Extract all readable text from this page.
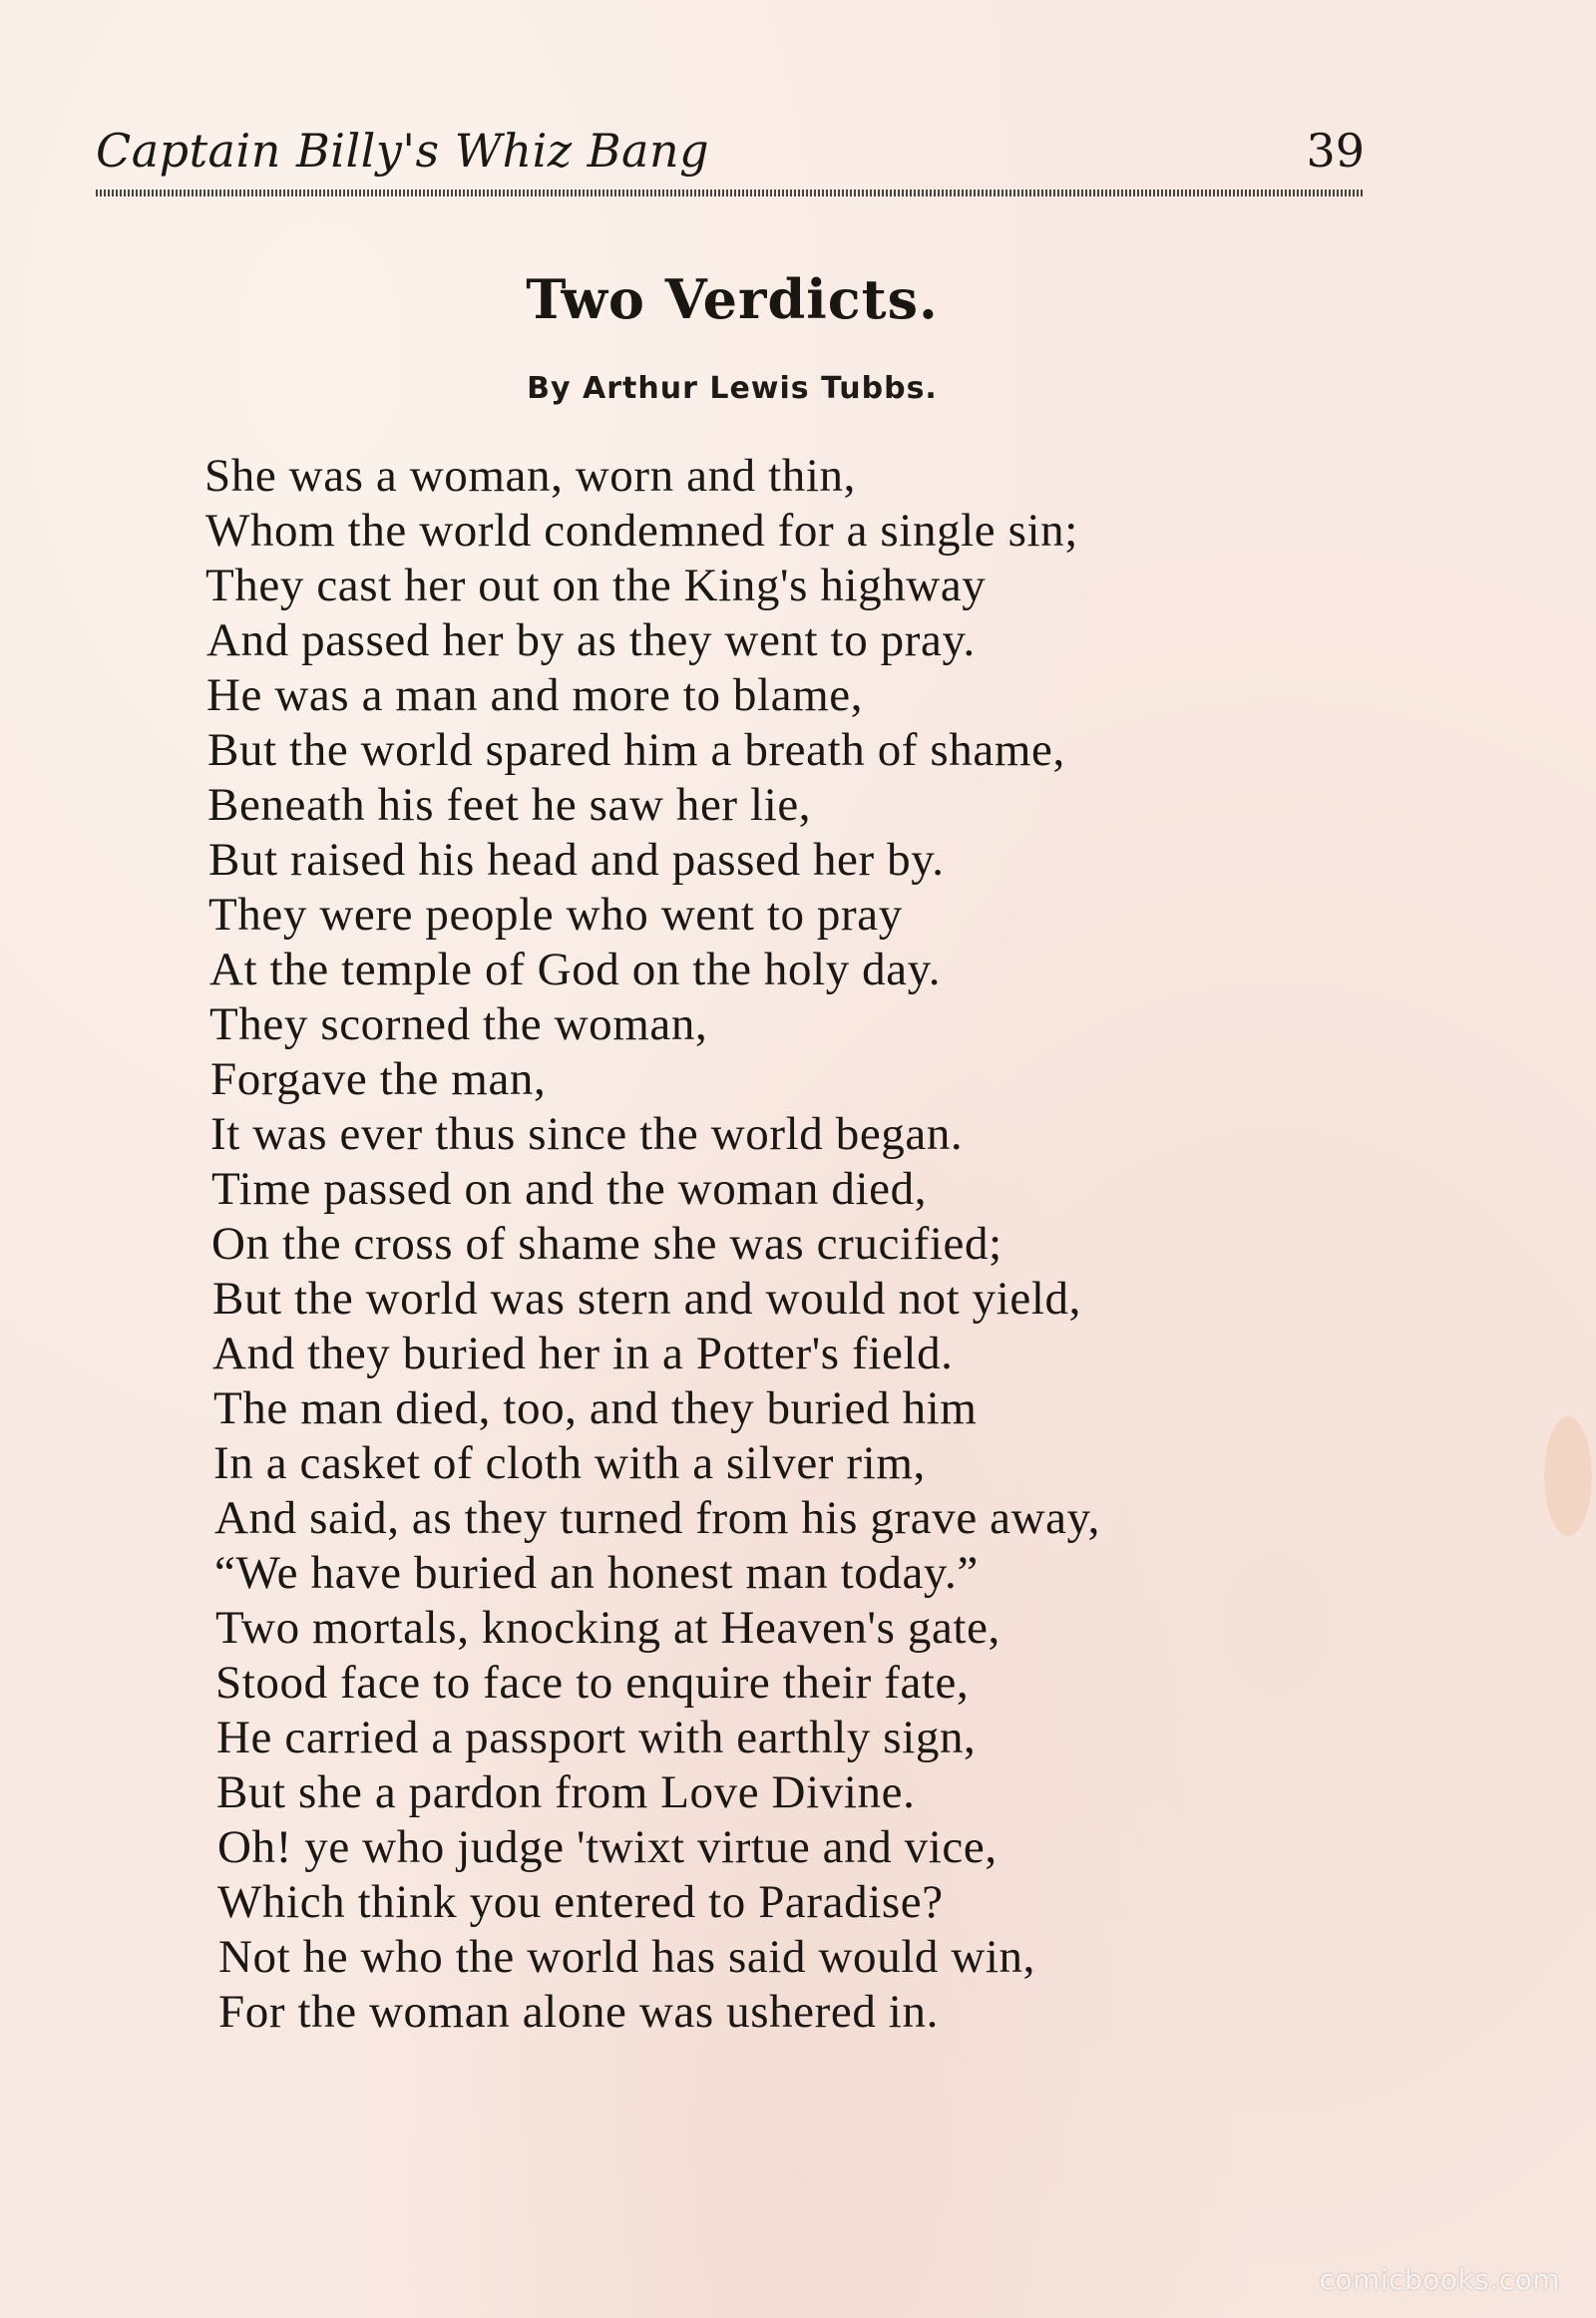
Captain Billy's Whiz Bang	39
Two Verdicts.
By Arthur Lewis Tubbs.
She was a woman, worn and thin,
Whom the world condemned for a single sin;
They cast her out on the King's highway
And passed her by as they went to pray.
He was a man and more to blame,
But the world spared him a breath of shame,
Beneath his feet he saw her lie,
But raised his head and passed her by.
They were people who went to pray
At the temple of God on the holy day.
They scorned the woman,
Forgave the man,
It was ever thus since the world began.
Time passed on and the woman died,
On the cross of shame she was crucified;
But the world was stern and would not yield,
And they buried her in a Potter's field.
The man died, too, and they buried him
In a casket of cloth with a silver rim,
And said, as they turned from his grave away,
“We have buried an honest man today.”
Two mortals, knocking at Heaven's gate,
Stood face to face to enquire their fate,
He carried a passport with earthly sign,
But she a pardon from Love Divine.
Oh! ye who judge 'twixt virtue and vice,
Which think you entered to Paradise?
Not he who the world has said would win,
For the woman alone was ushered in.
comicbooks.com
